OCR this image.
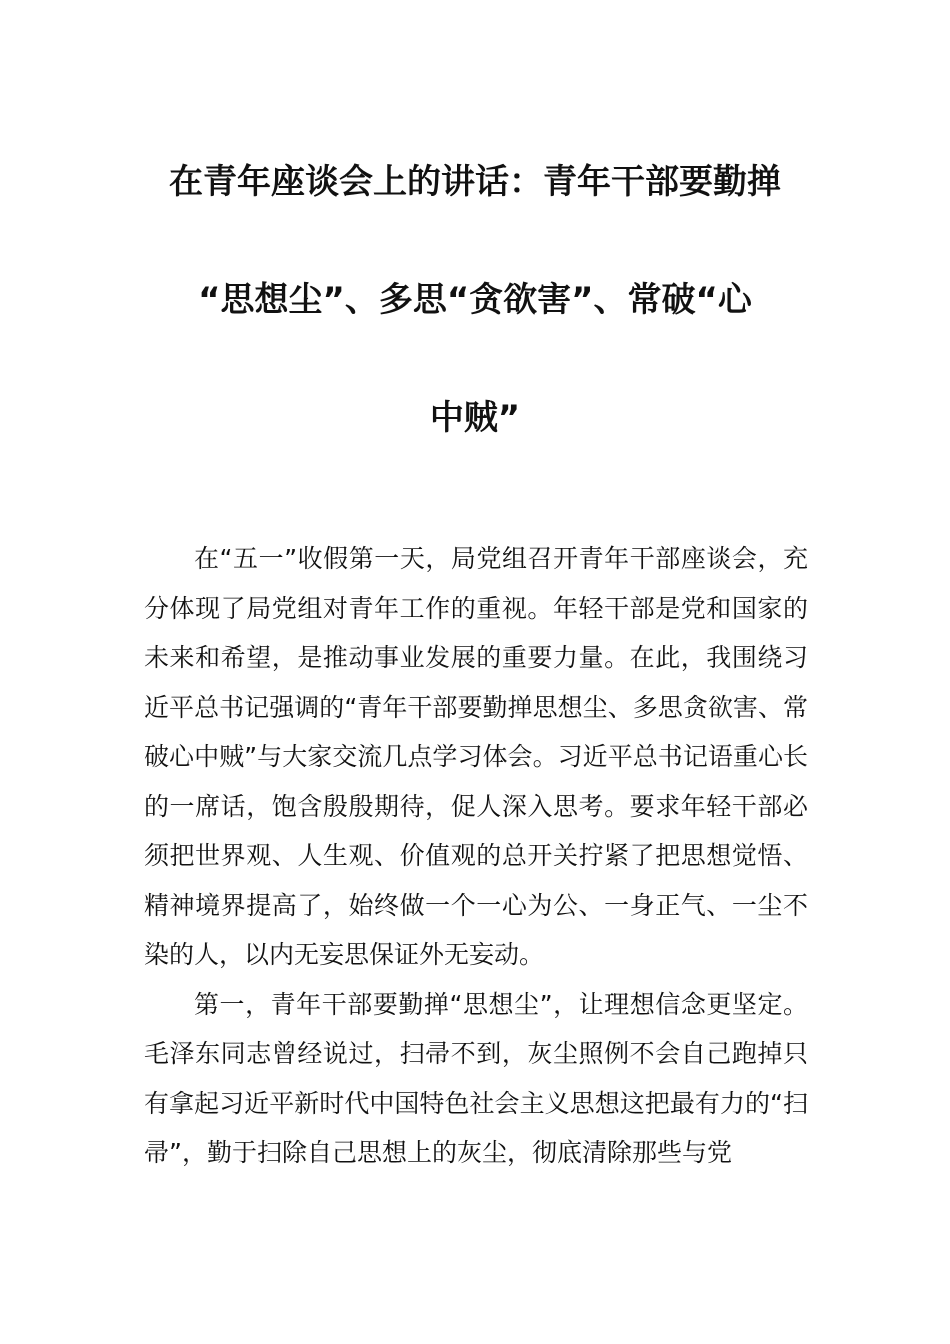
在青年座谈会上的讲话：青年干部要勤掸
“思想尘”、多思“贪欲害”、常破“心
中贼”

在“五一”收假第一天，局党组召开青年干部座谈会，充分体现了局党组对青年工作的重视。年轻干部是党和国家的未来和希望，是推动事业发展的重要力量。在此，我围绕习近平总书记强调的“青年干部要勤掸思想尘、多思贪欲害、常破心中贼”与大家交流几点学习体会。习近平总书记语重心长的一席话，饱含殷殷期待，促人深入思考。要求年轻干部必须把世界观、人生观、价值观的总开关拧紧了把思想觉悟、精神境界提高了，始终做一个一心为公、一身正气、一尘不染的人，以内无妄思保证外无妄动。

第一，青年干部要勤掸“思想尘”，让理想信念更坚定。毛泽东同志曾经说过，扫帚不到，灰尘照例不会自己跑掉只有拿起习近平新时代中国特色社会主义思想这把最有力的“扫帚”，勤于扫除自己思想上的灰尘，彻底清除那些与党
